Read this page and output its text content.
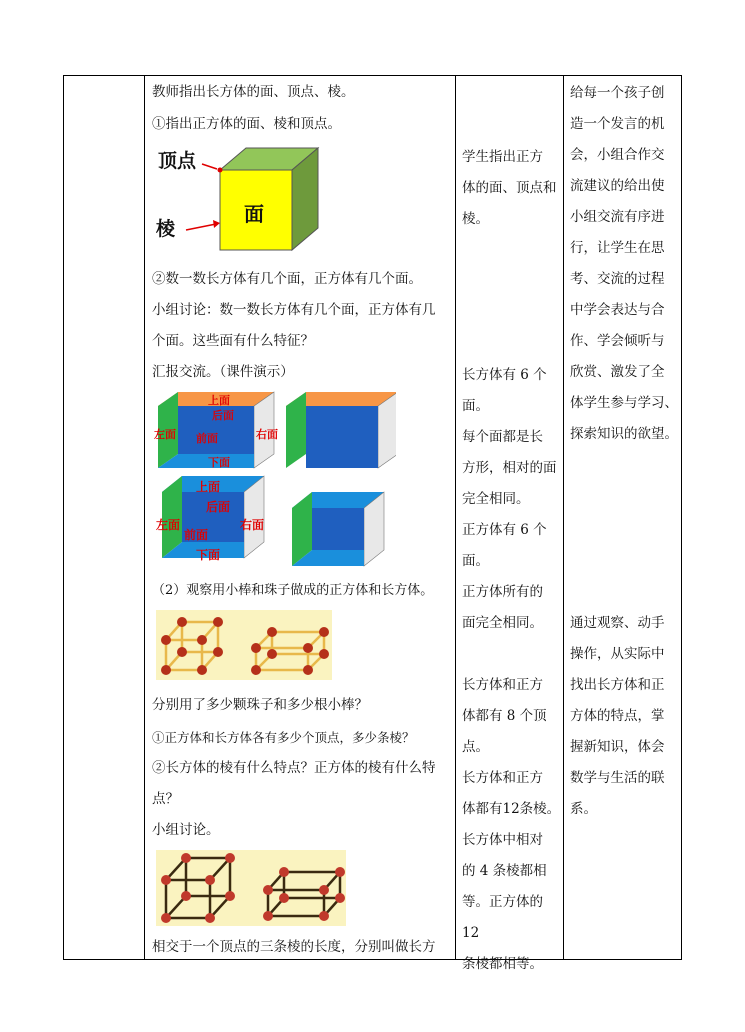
教师指出长方体的面、顶点、棱。
①指出正方体的面、棱和顶点。
顶点
棱
面
②数一数长方体有几个面，正方体有几个面。
小组讨论：数一数长方体有几个面，正方体有几
个面。这些面有什么特征？
汇报交流。（课件演示）
上面
后面
左面 前面	右面
下面
上面
后面
左面
前面
右面
下面
（2）观察用小棒和珠子做成的正方体和长方体。
分别用了多少颗珠子和多少根小棒？
①正方体和长方体各有多少个顶点，多少条棱？
②长方体的棱有什么特点？正方体的棱有什么特
点？
小组讨论。
相交于一个顶点的三条棱的长度，分别叫做长方
学生指出正方
体的面、顶点和
棱。
长方体有 6 个
面。
每个面都是长
方形，相对的面
完全相同。
正方体有 6 个
面。
正方体所有的
面完全相同。
长方体和正方
体都有 8 个顶
点。
长方体和正方
体都有12条棱。
长方体中相对
的 4 条棱都相
等。正方体的 12
条棱都相等。
给每一个孩子创
造一个发言的机
会，小组合作交
流建议的给出使
小组交流有序进
行，让学生在思
考、交流的过程
中学会表达与合
作、学会倾听与
欣赏、激发了全
体学生参与学习、
探索知识的欲望。
通过观察、动手
操作，从实际中
找出长方体和正
方体的特点，掌
握新知识，体会
数学与生活的联
系。
